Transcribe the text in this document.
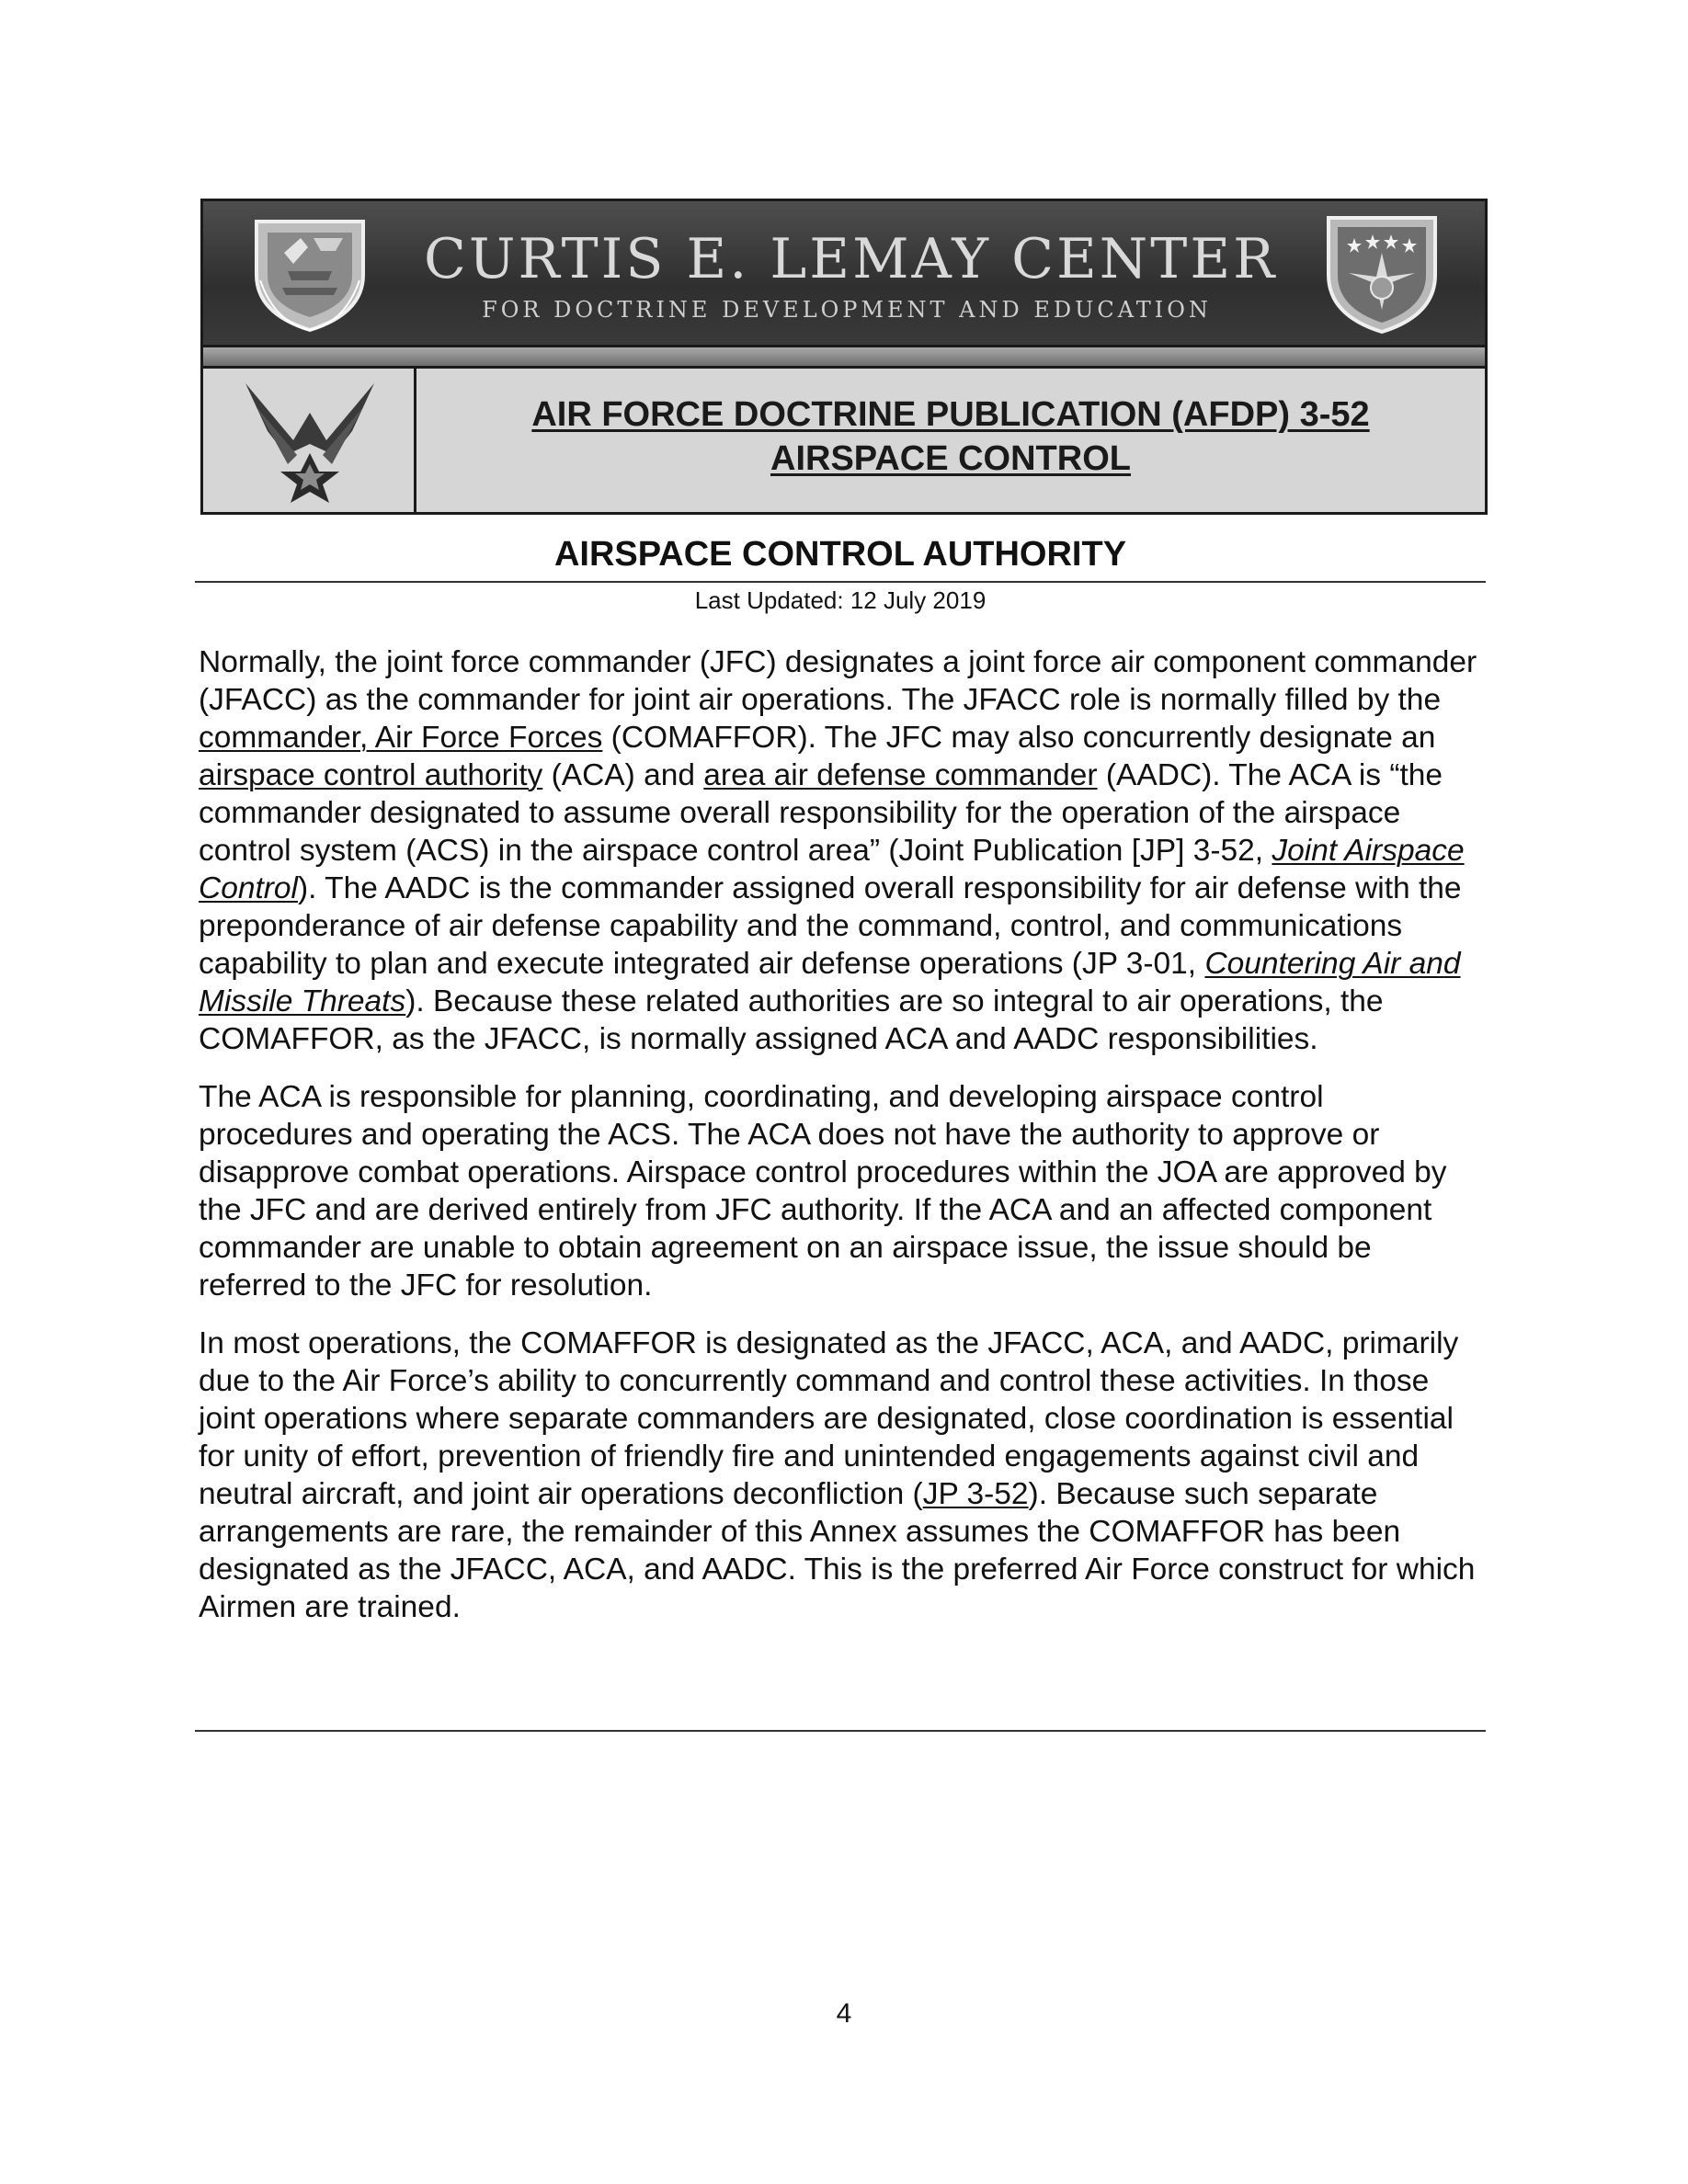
CURTIS E. LEMAY CENTER
FOR DOCTRINE DEVELOPMENT AND EDUCATION
AIR FORCE DOCTRINE PUBLICATION (AFDP) 3-52
AIRSPACE CONTROL
AIRSPACE CONTROL AUTHORITY
Last Updated: 12 July 2019

Normally, the joint force commander (JFC) designates a joint force air component commander (JFACC) as the commander for joint air operations. The JFACC role is normally filled by the commander, Air Force Forces (COMAFFOR). The JFC may also concurrently designate an airspace control authority (ACA) and area air defense commander (AADC). The ACA is “the commander designated to assume overall responsibility for the operation of the airspace control system (ACS) in the airspace control area” (Joint Publication [JP] 3-52, Joint Airspace Control). The AADC is the commander assigned overall responsibility for air defense with the preponderance of air defense capability and the command, control, and communications capability to plan and execute integrated air defense operations (JP 3-01, Countering Air and Missile Threats). Because these related authorities are so integral to air operations, the COMAFFOR, as the JFACC, is normally assigned ACA and AADC responsibilities.

The ACA is responsible for planning, coordinating, and developing airspace control procedures and operating the ACS. The ACA does not have the authority to approve or disapprove combat operations. Airspace control procedures within the JOA are approved by the JFC and are derived entirely from JFC authority. If the ACA and an affected component commander are unable to obtain agreement on an airspace issue, the issue should be referred to the JFC for resolution.

In most operations, the COMAFFOR is designated as the JFACC, ACA, and AADC, primarily due to the Air Force’s ability to concurrently command and control these activities. In those joint operations where separate commanders are designated, close coordination is essential for unity of effort, prevention of friendly fire and unintended engagements against civil and neutral aircraft, and joint air operations deconfliction (JP 3-52). Because such separate arrangements are rare, the remainder of this Annex assumes the COMAFFOR has been designated as the JFACC, ACA, and AADC. This is the preferred Air Force construct for which Airmen are trained.

4
